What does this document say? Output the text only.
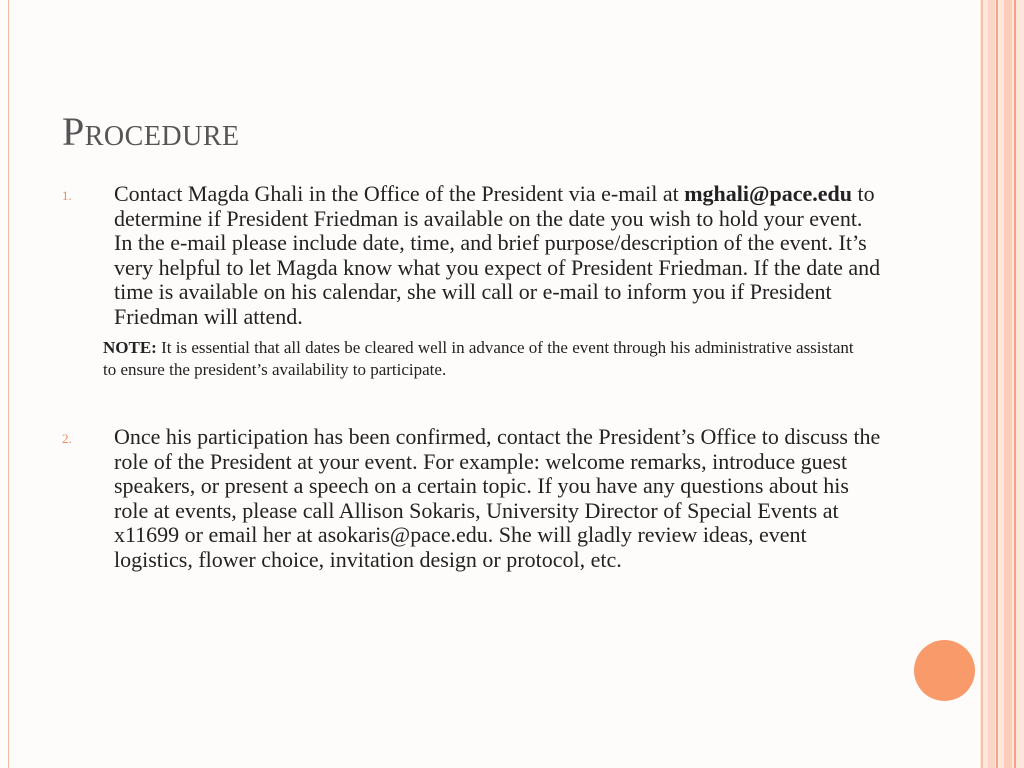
Procedure
1. Contact Magda Ghali in the Office of the President via e-mail at mghali@pace.edu to determine if President Friedman is available on the date you wish to hold your event. In the e-mail please include date, time, and brief purpose/description of the event. It’s very helpful to let Magda know what you expect of President Friedman. If the date and time is available on his calendar, she will call or e-mail to inform you if President Friedman will attend.
NOTE: It is essential that all dates be cleared well in advance of the event through his administrative assistant to ensure the president’s availability to participate.
2. Once his participation has been confirmed, contact the President’s Office to discuss the role of the President at your event. For example: welcome remarks, introduce guest speakers, or present a speech on a certain topic. If you have any questions about his role at events, please call Allison Sokaris, University Director of Special Events at x11699 or email her at asokaris@pace.edu. She will gladly review ideas, event logistics, flower choice, invitation design or protocol, etc.
